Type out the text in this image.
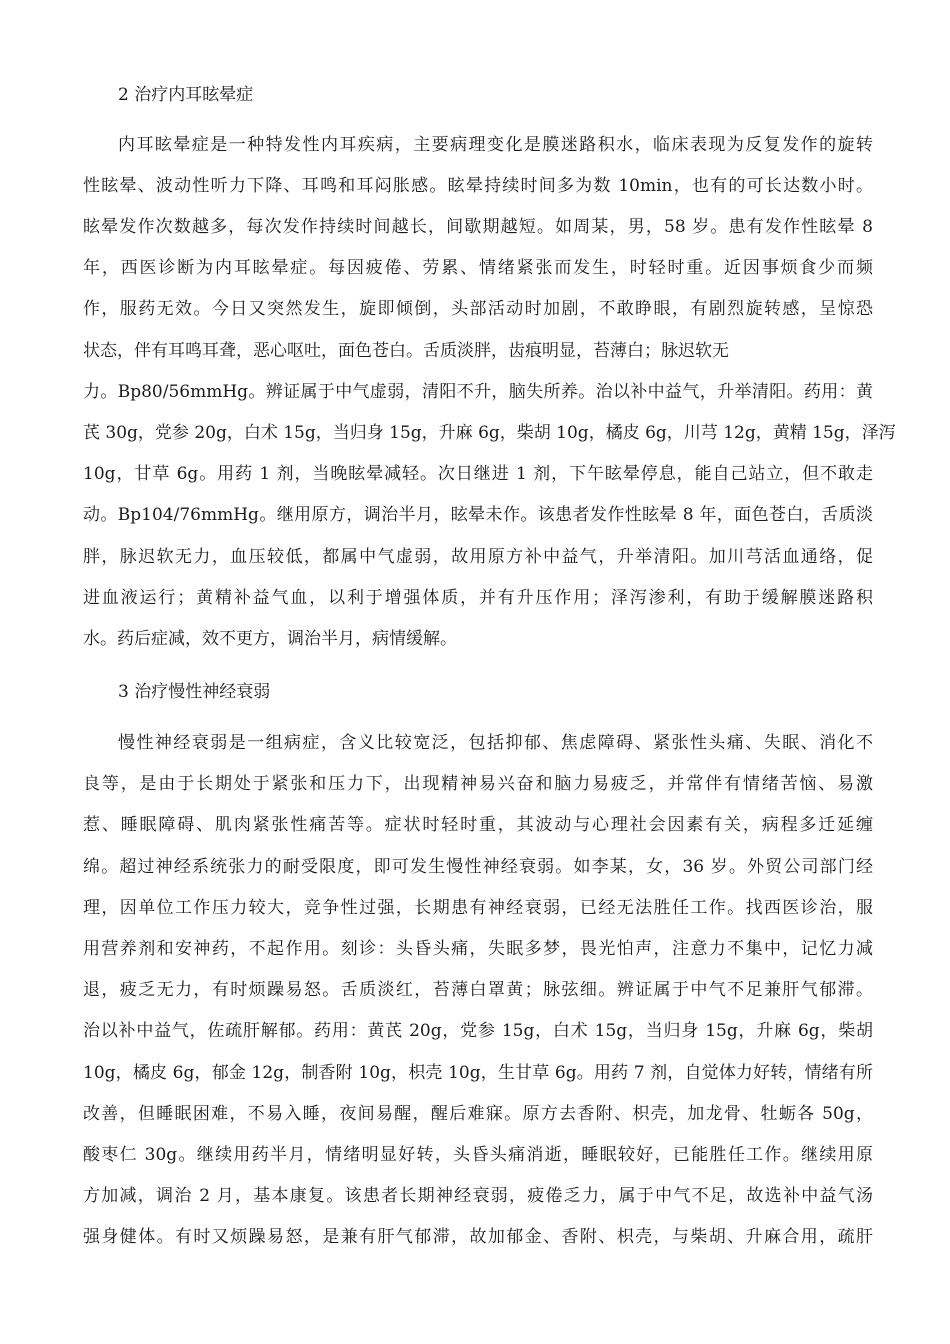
2 治疗内耳眩晕症
内耳眩晕症是一种特发性内耳疾病，主要病理变化是膜迷路积水，临床表现为反复发作的旋转
性眩晕、波动性听力下降、耳鸣和耳闷胀感。眩晕持续时间多为数 10min，也有的可长达数小时。
眩晕发作次数越多，每次发作持续时间越长，间歇期越短。如周某，男，58 岁。患有发作性眩晕 8
年，西医诊断为内耳眩晕症。每因疲倦、劳累、情绪紧张而发生，时轻时重。近因事烦食少而频
作，服药无效。今日又突然发生，旋即倾倒，头部活动时加剧，不敢睁眼，有剧烈旋转感，呈惊恐
状态，伴有耳鸣耳聋，恶心呕吐，面色苍白。舌质淡胖，齿痕明显，苔薄白；脉迟软无
力。Bp80/56mmHg。辨证属于中气虚弱，清阳不升，脑失所养。治以补中益气，升举清阳。药用：黄
芪 30g，党参 20g，白术 15g，当归身 15g，升麻 6g，柴胡 10g，橘皮 6g，川芎 12g，黄精 15g，泽泻
10g，甘草 6g。用药 1 剂，当晚眩晕减轻。次日继进 1 剂，下午眩晕停息，能自己站立，但不敢走
动。Bp104/76mmHg。继用原方，调治半月，眩晕未作。该患者发作性眩晕 8 年，面色苍白，舌质淡
胖，脉迟软无力，血压较低，都属中气虚弱，故用原方补中益气，升举清阳。加川芎活血通络，促
进血液运行；黄精补益气血，以利于增强体质，并有升压作用；泽泻渗利，有助于缓解膜迷路积
水。药后症减，效不更方，调治半月，病情缓解。
3 治疗慢性神经衰弱
慢性神经衰弱是一组病症，含义比较宽泛，包括抑郁、焦虑障碍、紧张性头痛、失眠、消化不
良等，是由于长期处于紧张和压力下，出现精神易兴奋和脑力易疲乏，并常伴有情绪苦恼、易激
惹、睡眠障碍、肌肉紧张性痛苦等。症状时轻时重，其波动与心理社会因素有关，病程多迁延缠
绵。超过神经系统张力的耐受限度，即可发生慢性神经衰弱。如李某，女，36 岁。外贸公司部门经
理，因单位工作压力较大，竞争性过强，长期患有神经衰弱，已经无法胜任工作。找西医诊治，服
用营养剂和安神药，不起作用。刻诊：头昏头痛，失眠多梦，畏光怕声，注意力不集中，记忆力减
退，疲乏无力，有时烦躁易怒。舌质淡红，苔薄白罩黄；脉弦细。辨证属于中气不足兼肝气郁滞。
治以补中益气，佐疏肝解郁。药用：黄芪 20g，党参 15g，白术 15g，当归身 15g，升麻 6g，柴胡
10g，橘皮 6g，郁金 12g，制香附 10g，枳壳 10g，生甘草 6g。用药 7 剂，自觉体力好转，情绪有所
改善，但睡眠困难，不易入睡，夜间易醒，醒后难寐。原方去香附、枳壳，加龙骨、牡蛎各 50g，
酸枣仁 30g。继续用药半月，情绪明显好转，头昏头痛消逝，睡眠较好，已能胜任工作。继续用原
方加减，调治 2 月，基本康复。该患者长期神经衰弱，疲倦乏力，属于中气不足，故选补中益气汤
强身健体。有时又烦躁易怒，是兼有肝气郁滞，故加郁金、香附、枳壳，与柴胡、升麻合用，疏肝
